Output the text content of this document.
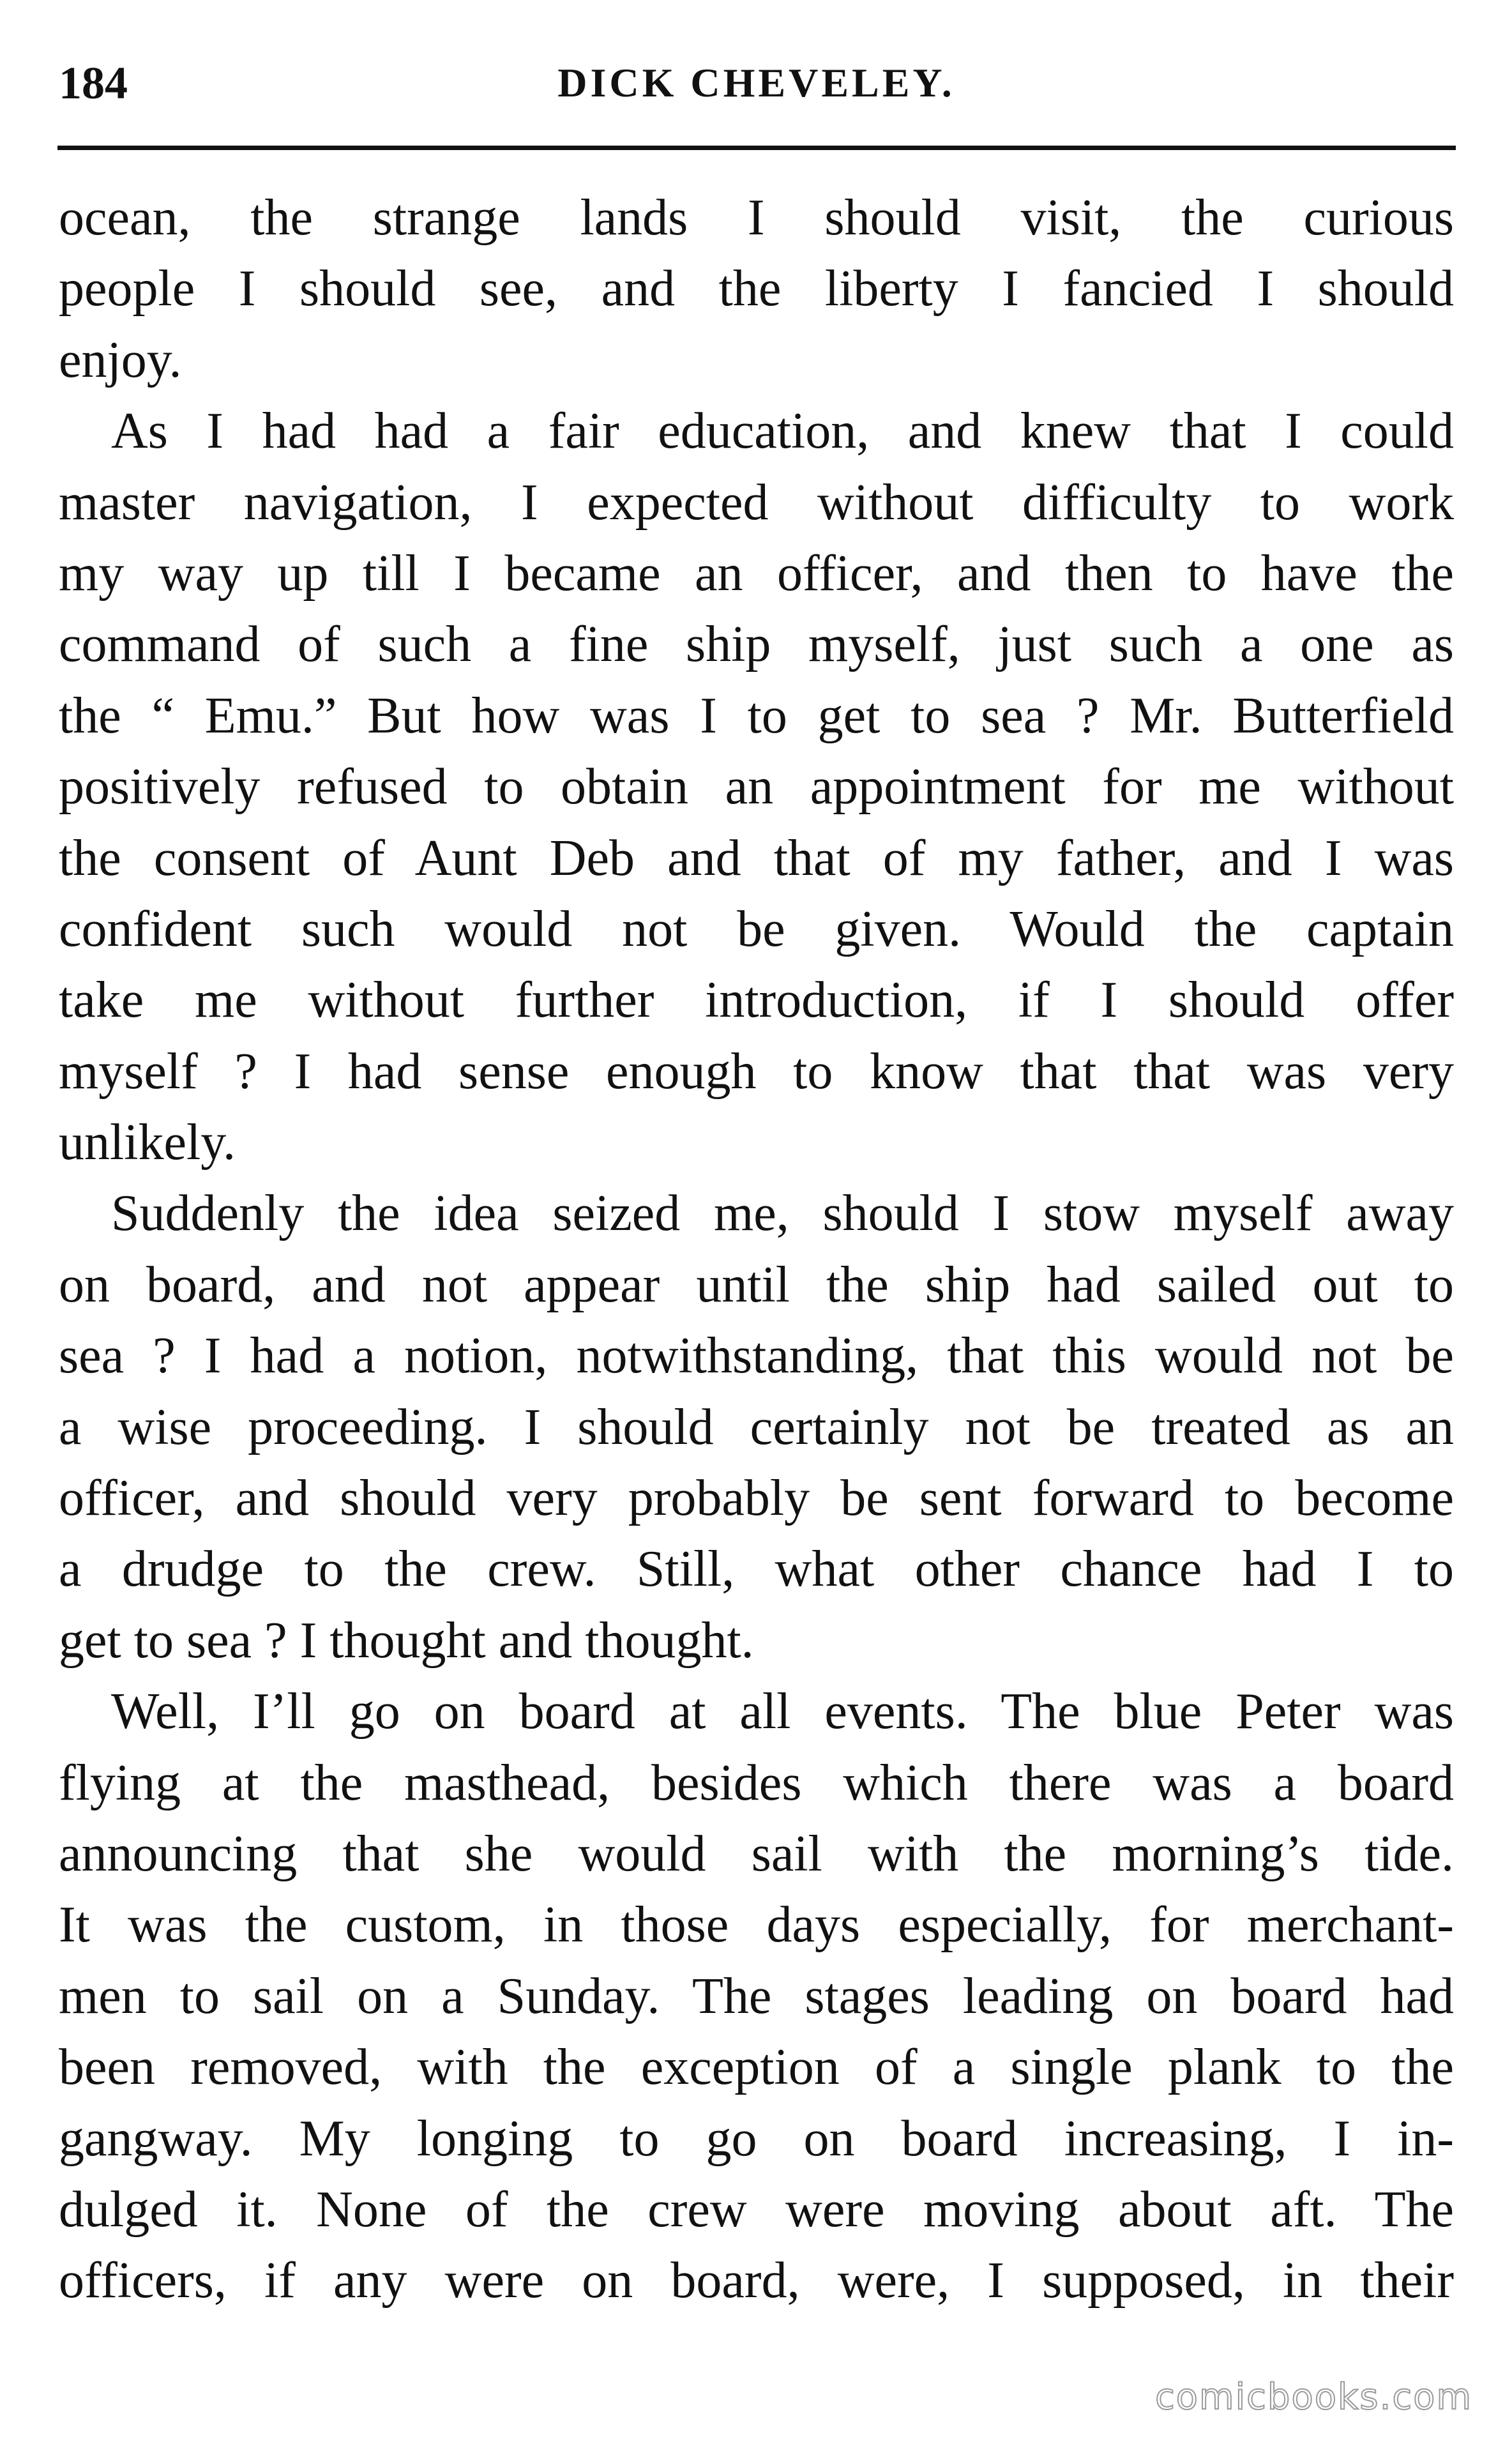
184	DICK CHEVELEY.
ocean, the strange lands I should visit, the curious
people I should see, and the liberty I fancied I should
enjoy.
As I had had a fair education, and knew that I could
master navigation, I expected without difficulty to work
my way up till I became an officer, and then to have the
command of such a fine ship myself, just such a one as
the “ Emu.” But how was I to get to sea ? Mr. Butterfield
positively refused to obtain an appointment for me without
the consent of Aunt Deb and that of my father, and I was
confident such would not be given. Would the captain
take me without further introduction, if I should offer
myself ? I had sense enough to know that that was very
unlikely.
Suddenly the idea seized me, should I stow myself away
on board, and not appear until the ship had sailed out to
sea ? I had a notion, notwithstanding, that this would not be
a wise proceeding. I should certainly not be treated as an
officer, and should very probably be sent forward to become
a drudge to the crew. Still, what other chance had I to
get to sea ? I thought and thought.
Well, I’ll go on board at all events. The blue Peter was
flying at the masthead, besides which there was a board
announcing that she would sail with the morning’s tide.
It was the custom, in those days especially, for merchant-
men to sail on a Sunday. The stages leading on board had
been removed, with the exception of a single plank to the
gangway. My longing to go on board increasing, I in-
dulged it. None of the crew were moving about aft. The
officers, if any were on board, were, I supposed, in their
comicbooks.com
